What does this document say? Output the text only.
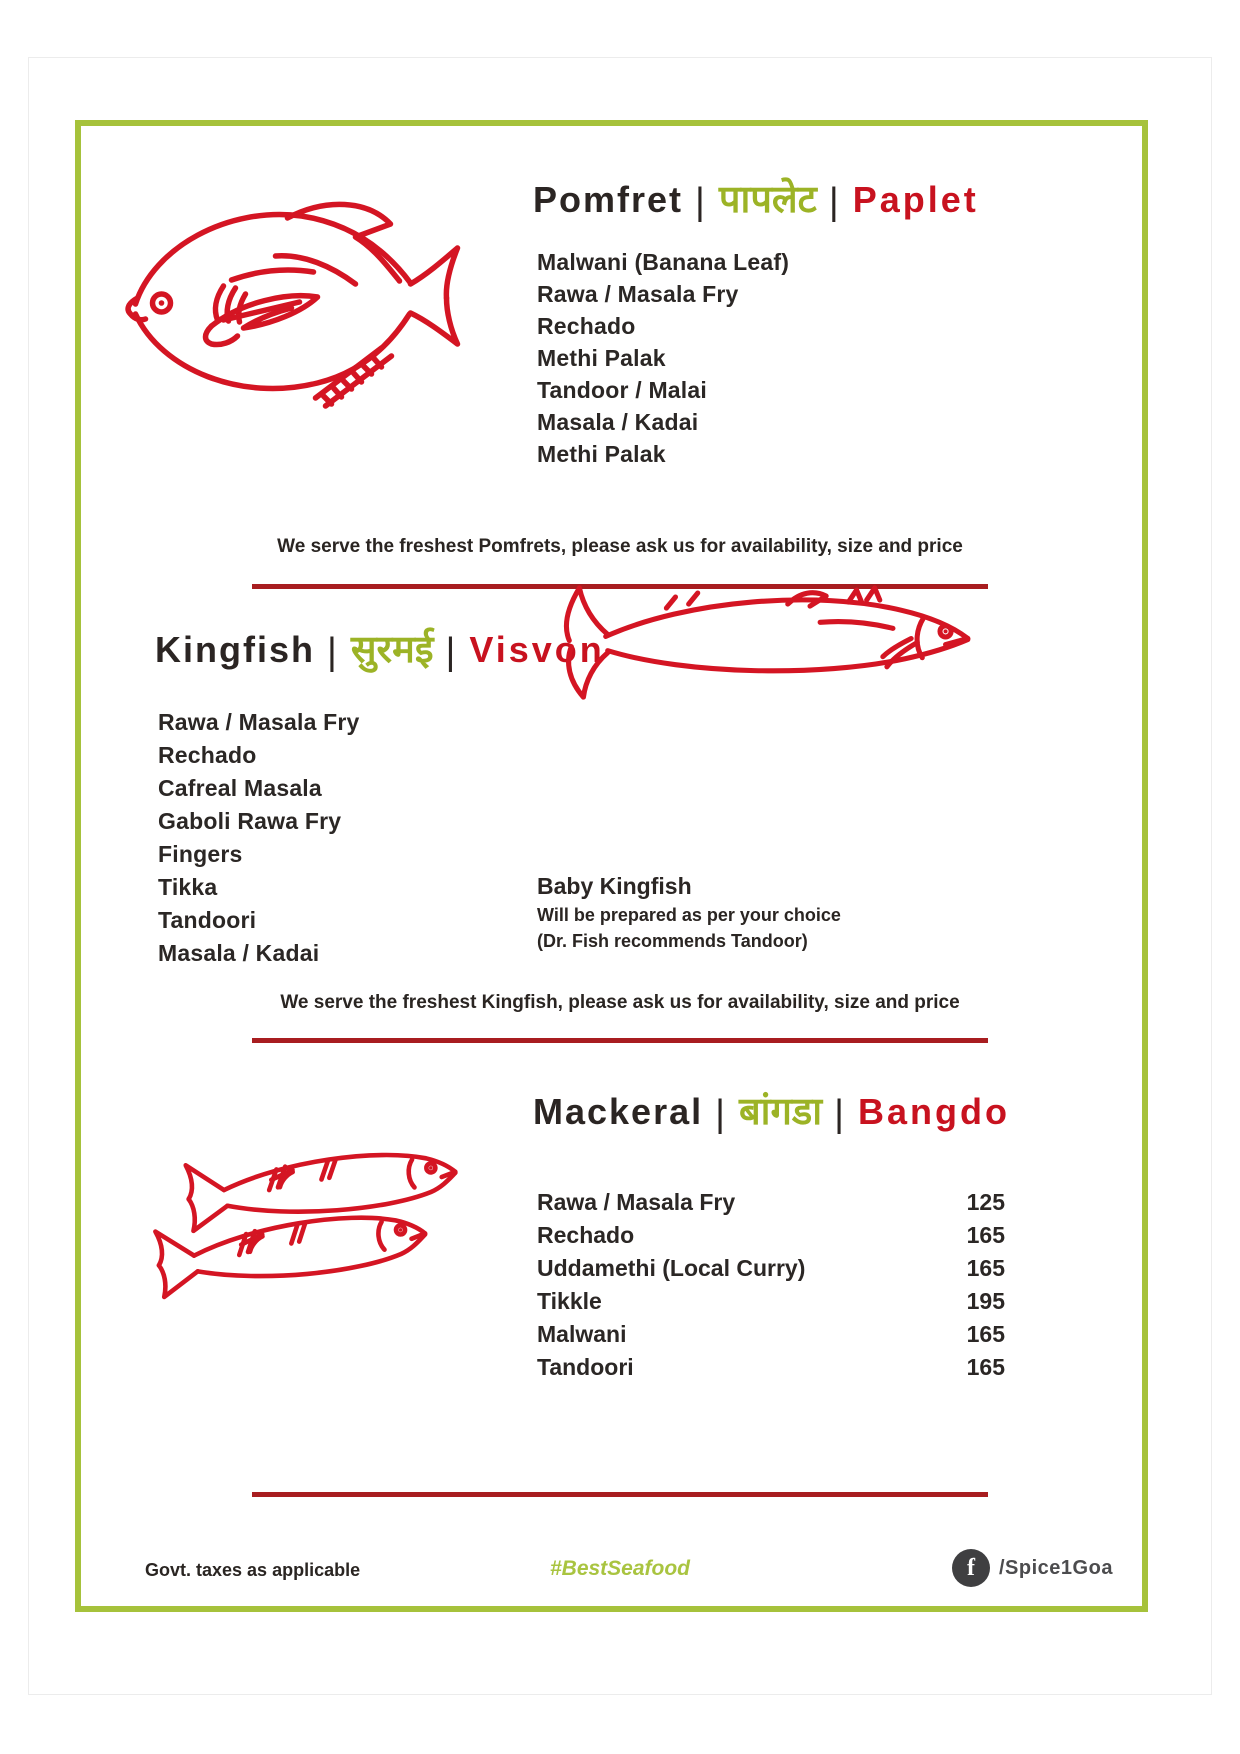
Pomfret | पापलेट | Paplet
Malwani (Banana Leaf)
Rawa / Masala Fry
Rechado
Methi Palak
Tandoor / Malai
Masala / Kadai
Methi Palak
We serve the freshest Pomfrets, please ask us for availability, size and price
Kingfish | सुरमई | Visvon
Rawa / Masala Fry
Rechado
Cafreal Masala
Gaboli Rawa Fry
Fingers
Tikka
Tandoori
Masala / Kadai
Baby Kingfish
Will be prepared as per your choice
(Dr. Fish recommends Tandoor)
We serve the freshest Kingfish, please ask us for availability, size and price
Mackeral | बांगडा | Bangdo
Rawa / Masala Fry	125
Rechado	165
Uddamethi (Local Curry)	165
Tikkle	195
Malwani	165
Tandoori	165
Govt. taxes as applicable	#BestSeafood	f	/Spice1Goa
